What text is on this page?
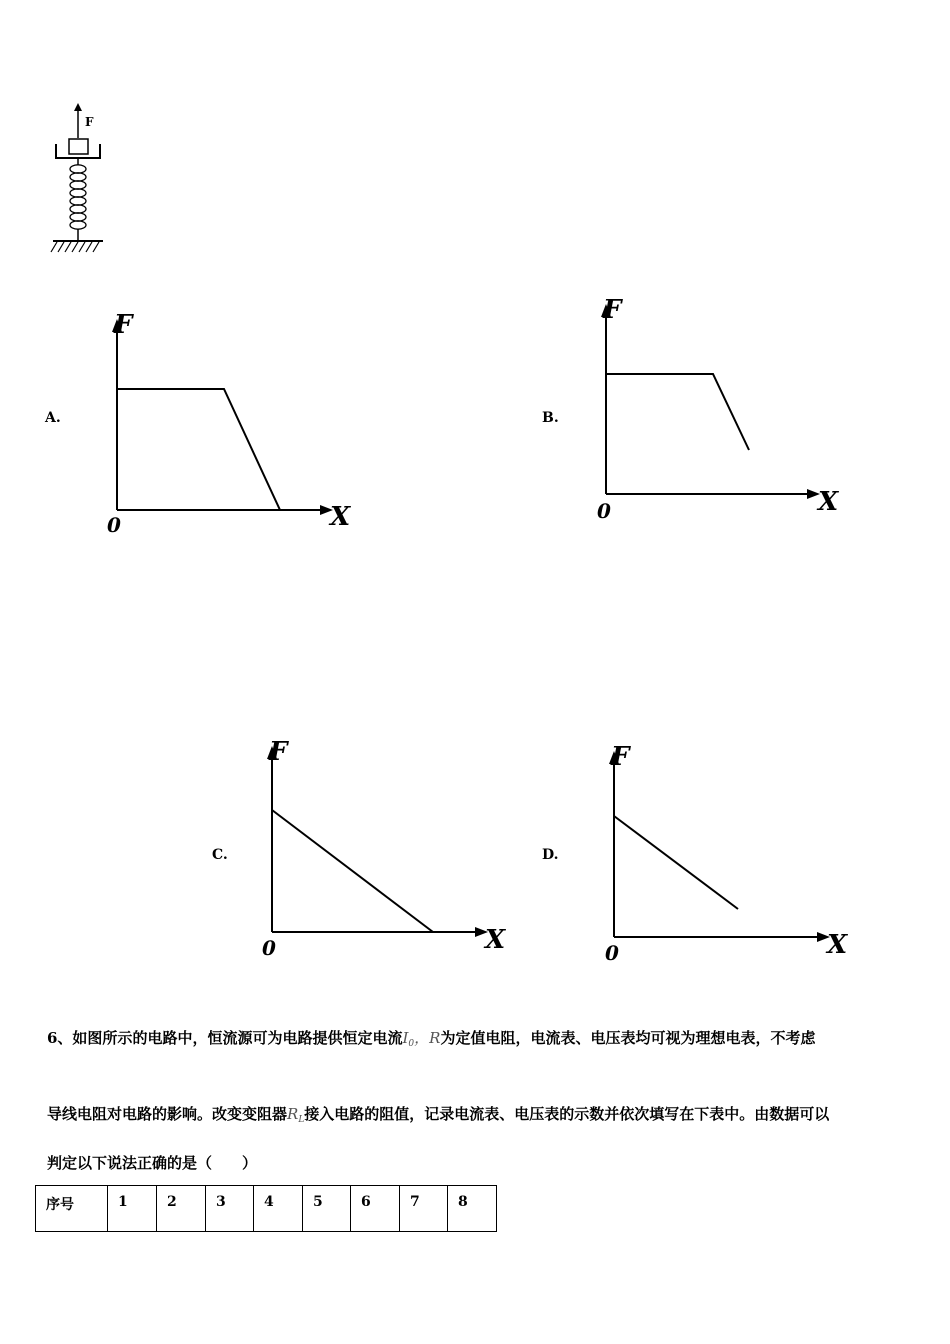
F
A.
F
X
0
B.
F
X
0
C.
F
X
0
D.
F
X
0
6、如图所示的电路中，恒流源可为电路提供恒定电流$I_0$，R为定值电阻，电流表、电压表均可视为理想电表，不考虑
导线电阻对电路的影响。改变变阻器$R_L$接入电路的阻值，记录电流表、电压表的示数并依次填写在下表中。由数据可以
判定以下说法正确的是（　　）
序号	1	2	3	4	5	6	7	8
